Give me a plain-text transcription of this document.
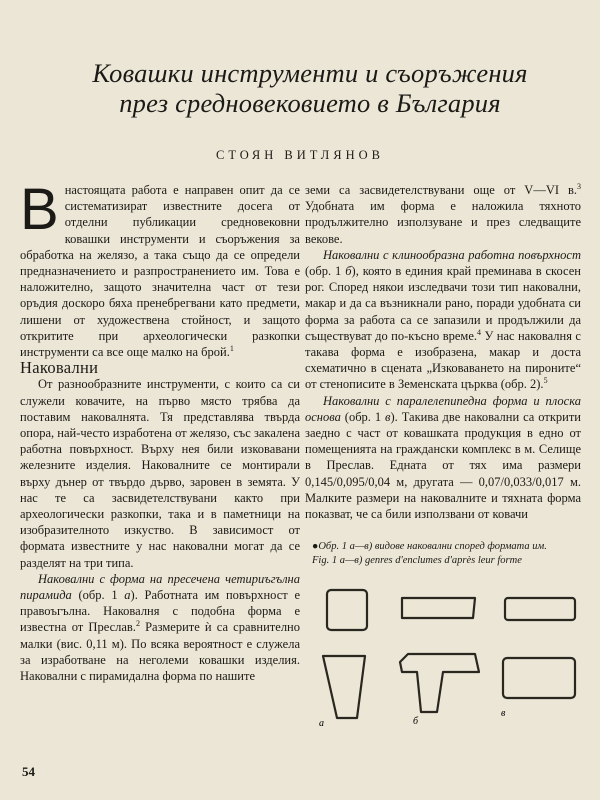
Ковашки инструменти и съоръжения
през средновековието в България
СТОЯН ВИТЛЯНОВ

Внастоящата работа е направен опит да се систематизират известните досега от отделни публикации средновековни ковашки инструменти и съоръжения за обработка на желязо, а така също да се определи предназначението и разпространението им. Това е наложително, защото значителна част от тези оръдия доскоро бяха пренебрегвани като предмети, лишени от художествена стойност, и защото откритите при археологически разкопки инструменти са все още малко на брой.$^1$

Наковални

От разнообразните инструменти, с които са си служели ковачите, на първо място трябва да поставим наковалнята. Тя представлява твърда опора, най-често изработена от желязо, със закалена работна повърхност. Върху нея били изковавани железните изделия. Наковалните се монтирали върху дънер от твърдо дърво, заровен в земята. У нас те са засвидетелствувани както при археологически разкопки, така и в паметници на изобразителното изкуство. В зависимост от формата известните у нас наковални могат да се разделят на три типа.

Наковални с форма на пресечена четириъгълна пирамида (обр. 1 а). Работната им повърхност е правоъгълна. Наковалня с подобна форма е известна от Преслав.$^2$ Размерите ѝ са сравнително малки (вис. 0,11 м). По всяка вероятност е служела за изработване на неголеми ковашки изделия. Наковални с пирамидална форма по нашите

земи са засвидетелствувани още от V—VI в.$^3$ Удобната им форма е наложила тяхното продължително използуване и през следващите векове.

Наковални с клинообразна работна повърхност (обр. 1 б), която в единия край преминава в скосен рог. Според някои изследвачи този тип наковални, макар и да са възникнали рано, поради удобната си форма за работа са се запазили и продължили да съществуват до по-късно време.$^4$ У нас наковалня с такава форма е изобразена, макар и доста схематично в сцената „Изковаването на пироните“ от стенописите в Земенската църква (обр. 2).$^5$

Наковални с паралелепипедна форма и плоска основа (обр. 1 в). Такива две наковални са открити заедно с част от ковашката продукция в едно от помещенията на граждански комплекс в м. Селище в Преслав. Едната от тях има размери 0,145/0,095/0,04 м, другата — 0,07/0,033/0,017 м. Малките размери на наковалните и тяхната форма показват, че са били използвани от ковачи

●Обр. 1 а—в) видове наковални според формата им.
Fig. 1 а—в) genres d'enclumes d'après leur forme
а	б
в
54
